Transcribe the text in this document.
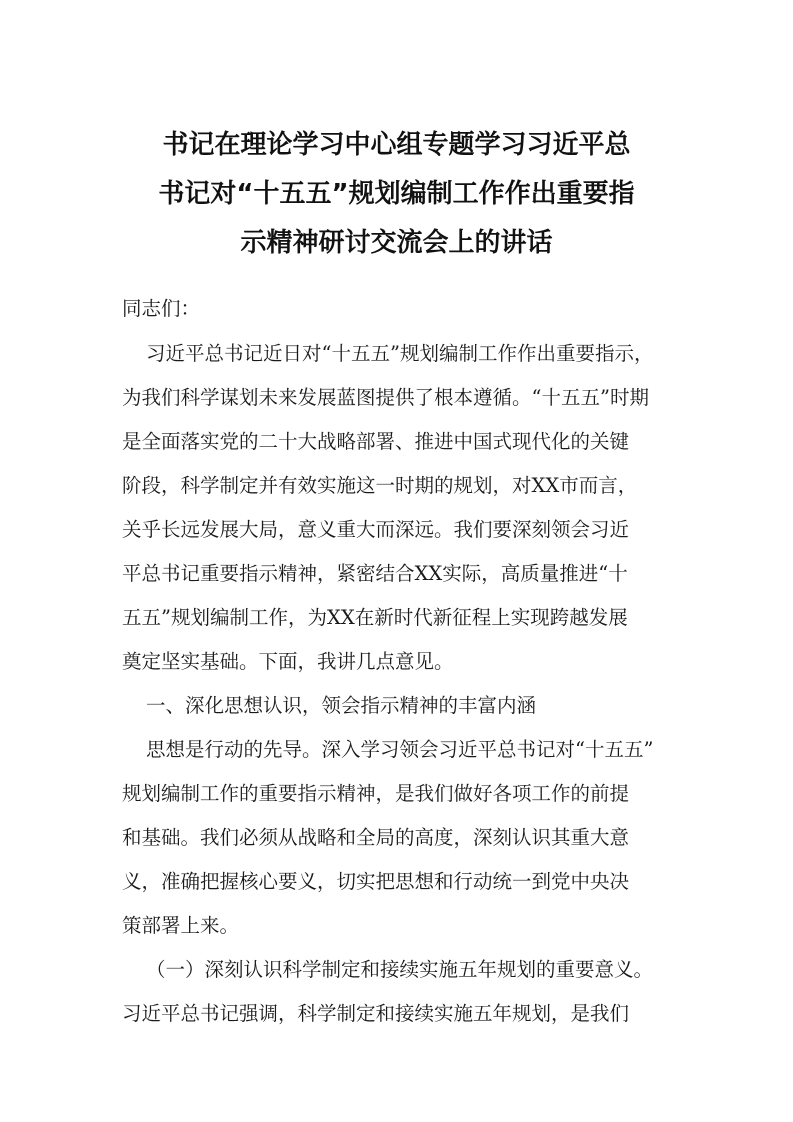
书记在理论学习中心组专题学习习近平总
书记对“十五五”规划编制工作作出重要指
示精神研讨交流会上的讲话
同志们：
习近平总书记近日对“十五五”规划编制工作作出重要指示，
为我们科学谋划未来发展蓝图提供了根本遵循。“十五五”时期
是全面落实党的二十大战略部署、推进中国式现代化的关键
阶段，科学制定并有效实施这一时期的规划，对XX市而言，
关乎长远发展大局，意义重大而深远。我们要深刻领会习近
平总书记重要指示精神，紧密结合XX实际，高质量推进“十
五五”规划编制工作，为XX在新时代新征程上实现跨越发展
奠定坚实基础。下面，我讲几点意见。
一、深化思想认识，领会指示精神的丰富内涵
思想是行动的先导。深入学习领会习近平总书记对“十五五”
规划编制工作的重要指示精神，是我们做好各项工作的前提
和基础。我们必须从战略和全局的高度，深刻认识其重大意
义，准确把握核心要义，切实把思想和行动统一到党中央决
策部署上来。
（一）深刻认识科学制定和接续实施五年规划的重要意义。
习近平总书记强调，科学制定和接续实施五年规划，是我们
